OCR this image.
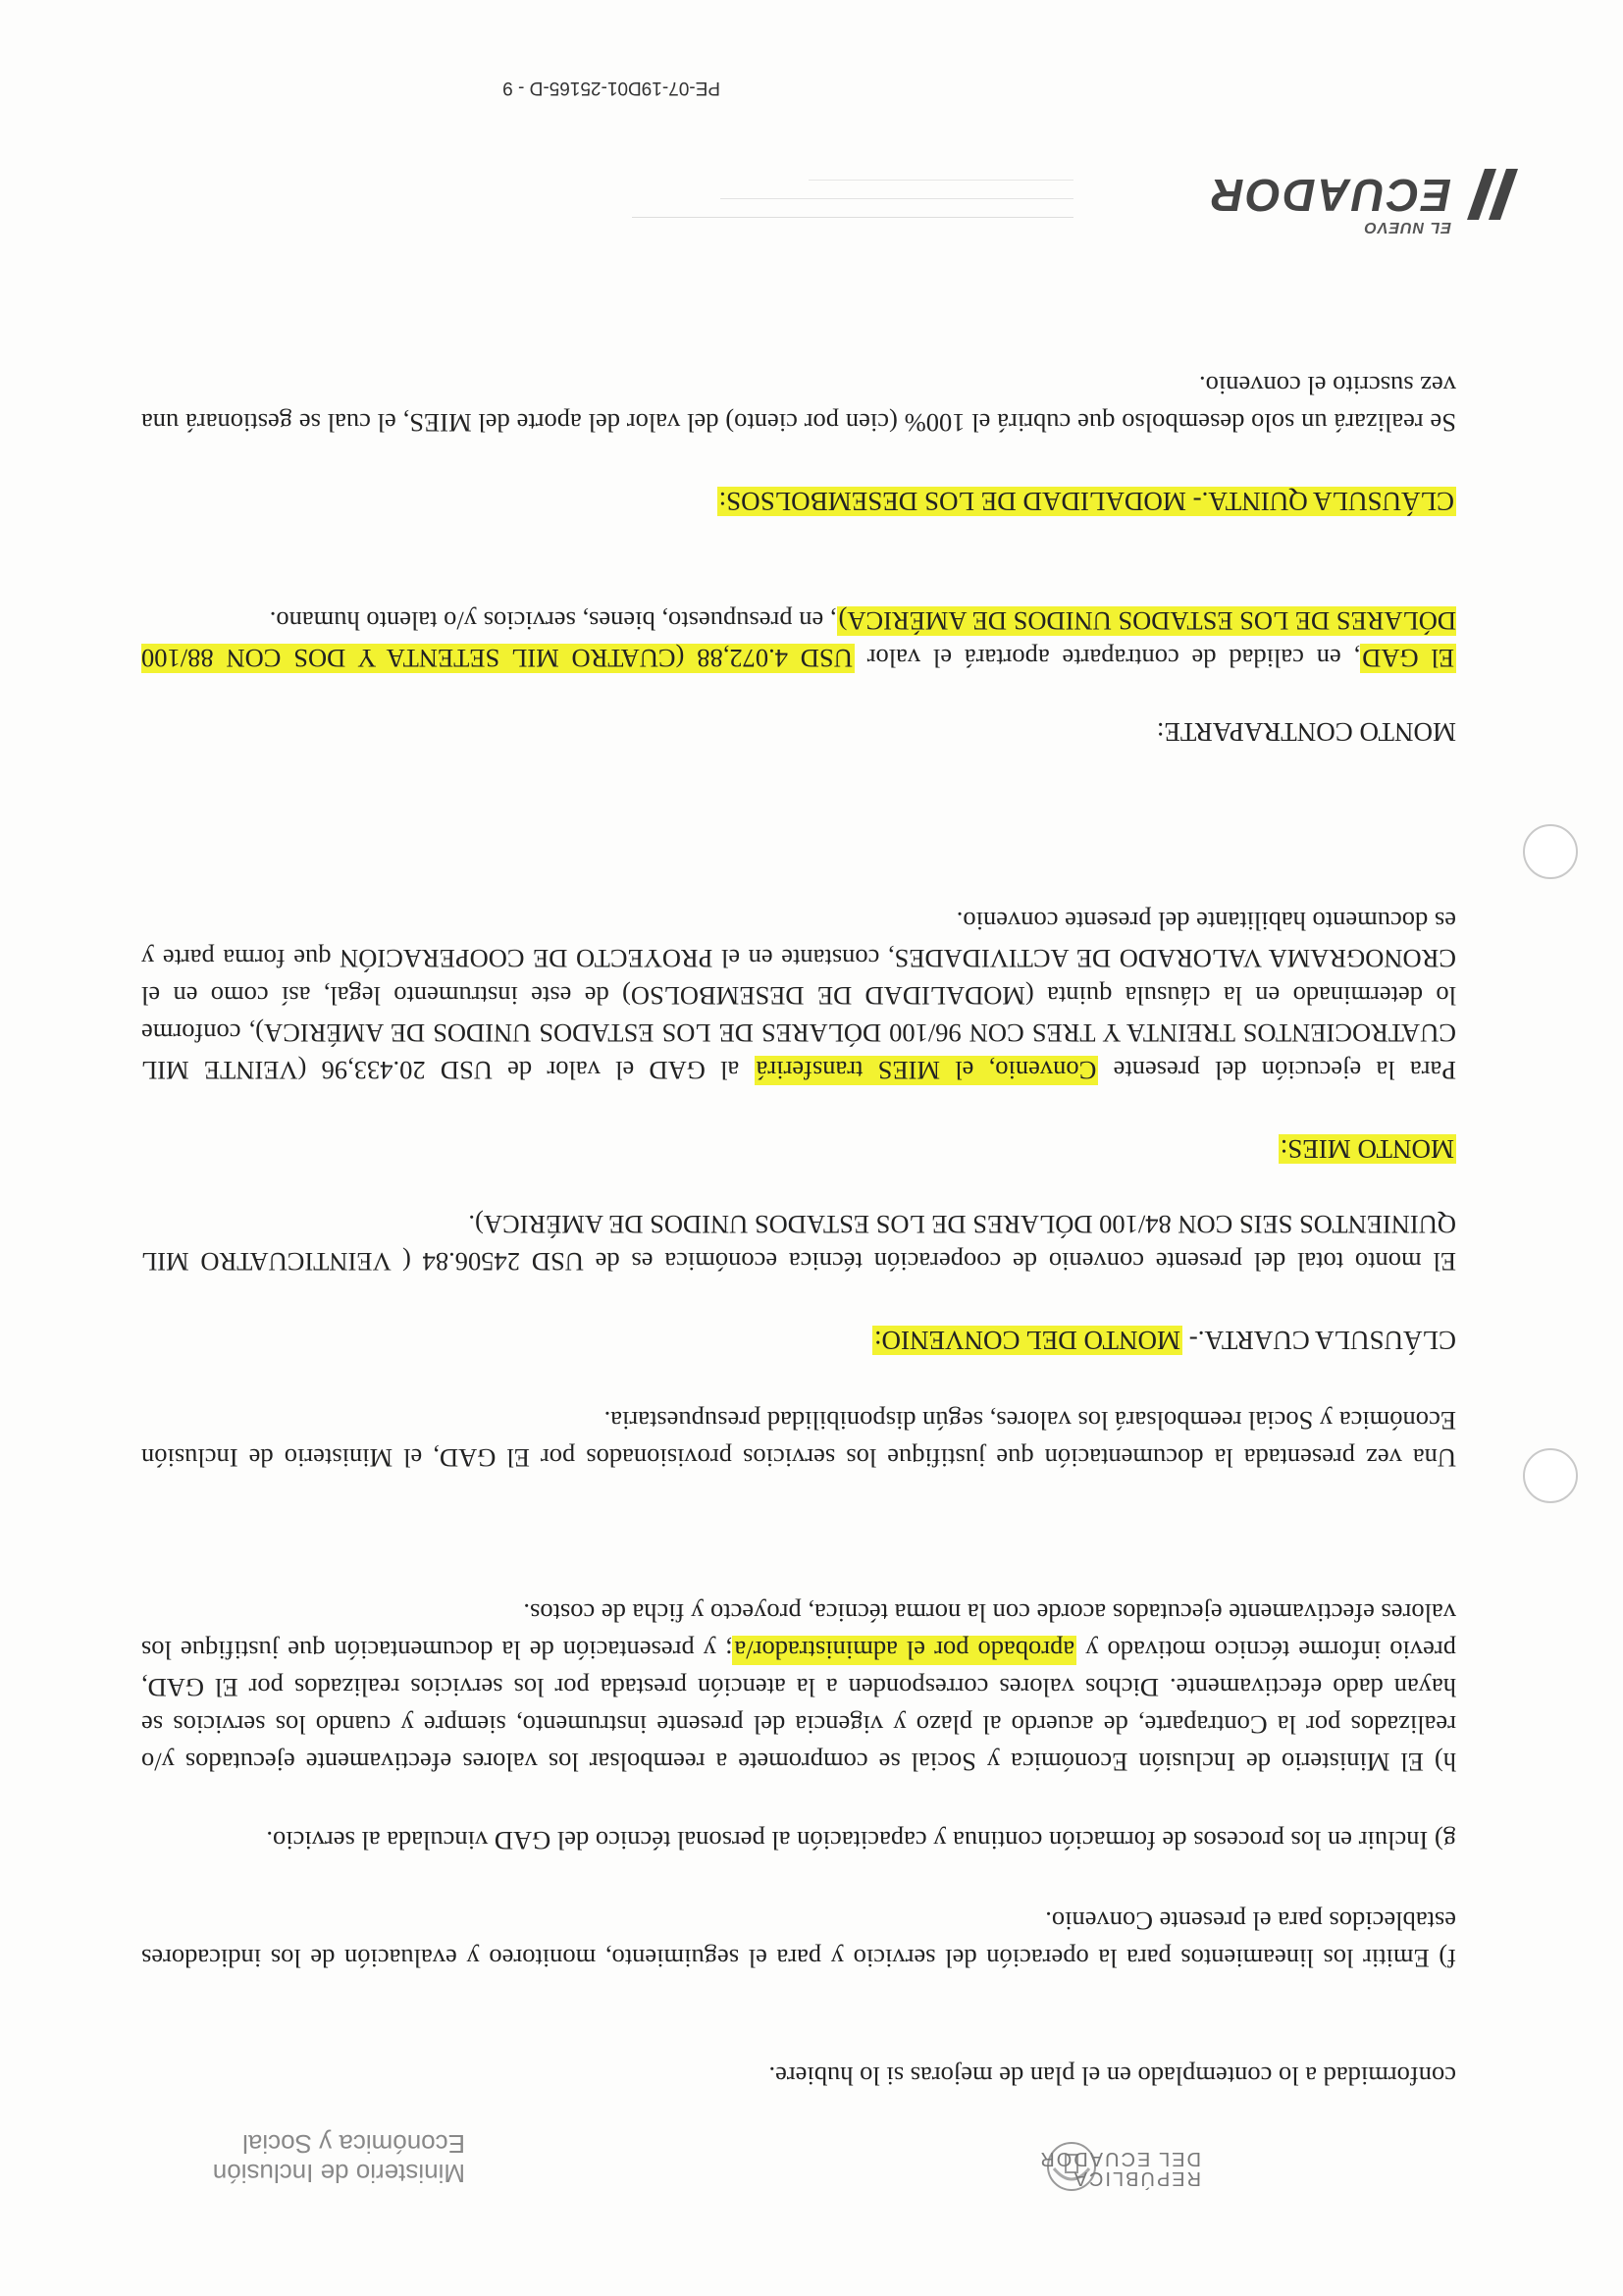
REPÚBLICA
DEL ECUADOR
Ministerio de Inclusión
Económica y Social
conformidad a lo contemplado en el plan de mejoras si lo hubiere.
f) Emitir los lineamientos para la operación del servicio y para el seguimiento, monitoreo y evaluación de los indicadores establecidos para el presente Convenio.
g) Incluir en los procesos de formación continua y capacitación al personal técnico del GAD vinculada al servicio.
h) El Ministerio de Inclusión Económica y Social se compromete a reembolsar los valores efectivamente ejecutados y/o realizados por la Contraparte, de acuerdo al plazo y vigencia del presente instrumento, siempre y cuando los servicios se hayan dado efectivamente. Dichos valores corresponden a la atención prestada por los servicios realizados por El GAD, previo informe técnico motivado y aprobado por el administrador/a; y presentación de la documentación que justifique los valores efectivamente ejecutados acorde con la norma técnica, proyecto y ficha de costos.
Una vez presentada la documentación que justifique los servicios provisionados por El GAD, el Ministerio de Inclusión Económica y Social reembolsará los valores, según disponibilidad presupuestaria.
CLÁUSULA CUARTA.- MONTO DEL CONVENIO:
El monto total del presente convenio de cooperación técnica económica es de USD 24506.84 ( VEINTICUATRO MIL QUINIENTOS SEIS CON 84/100 DÓLARES DE LOS ESTADOS UNIDOS DE AMÉRICA).
MONTO MIES:
Para la ejecución del presente Convenio, el MIES transferirá al GAD el valor de USD 20.433,96 (VEINTE MIL CUATROCIENTOS TREINTA Y TRES CON 96/100 DÓLARES DE LOS ESTADOS UNIDOS DE AMÉRICA), conforme lo determinado en la cláusula quinta (MODALIDAD DE DESEMBOLSO) de este instrumento legal, así como en el CRONOGRAMA VALORADO DE ACTIVIDADES, constante en el PROYECTO DE COOPERACIÓN que forma parte y es documento habilitante del presente convenio.
MONTO CONTRAPARTE:
El GAD, en calidad de contraparte aportará el valor USD 4.072,88 (CUATRO MIL SETENTA Y DOS CON 88/100 DÓLARES DE LOS ESTADOS UNIDOS DE AMÉRICA), en presupuesto, bienes, servicios y/o talento humano.
CLÁUSULA QUINTA.- MODALIDAD DE LOS DESEMBOLSOS:
Se realizará un solo desembolso que cubrirá el 100% (cien por ciento) del valor del aporte del MIES, el cual se gestionará una vez suscrito el convenio.
EL NUEVO
ECUADOR
PE-07-19D01-25165-D - 9
